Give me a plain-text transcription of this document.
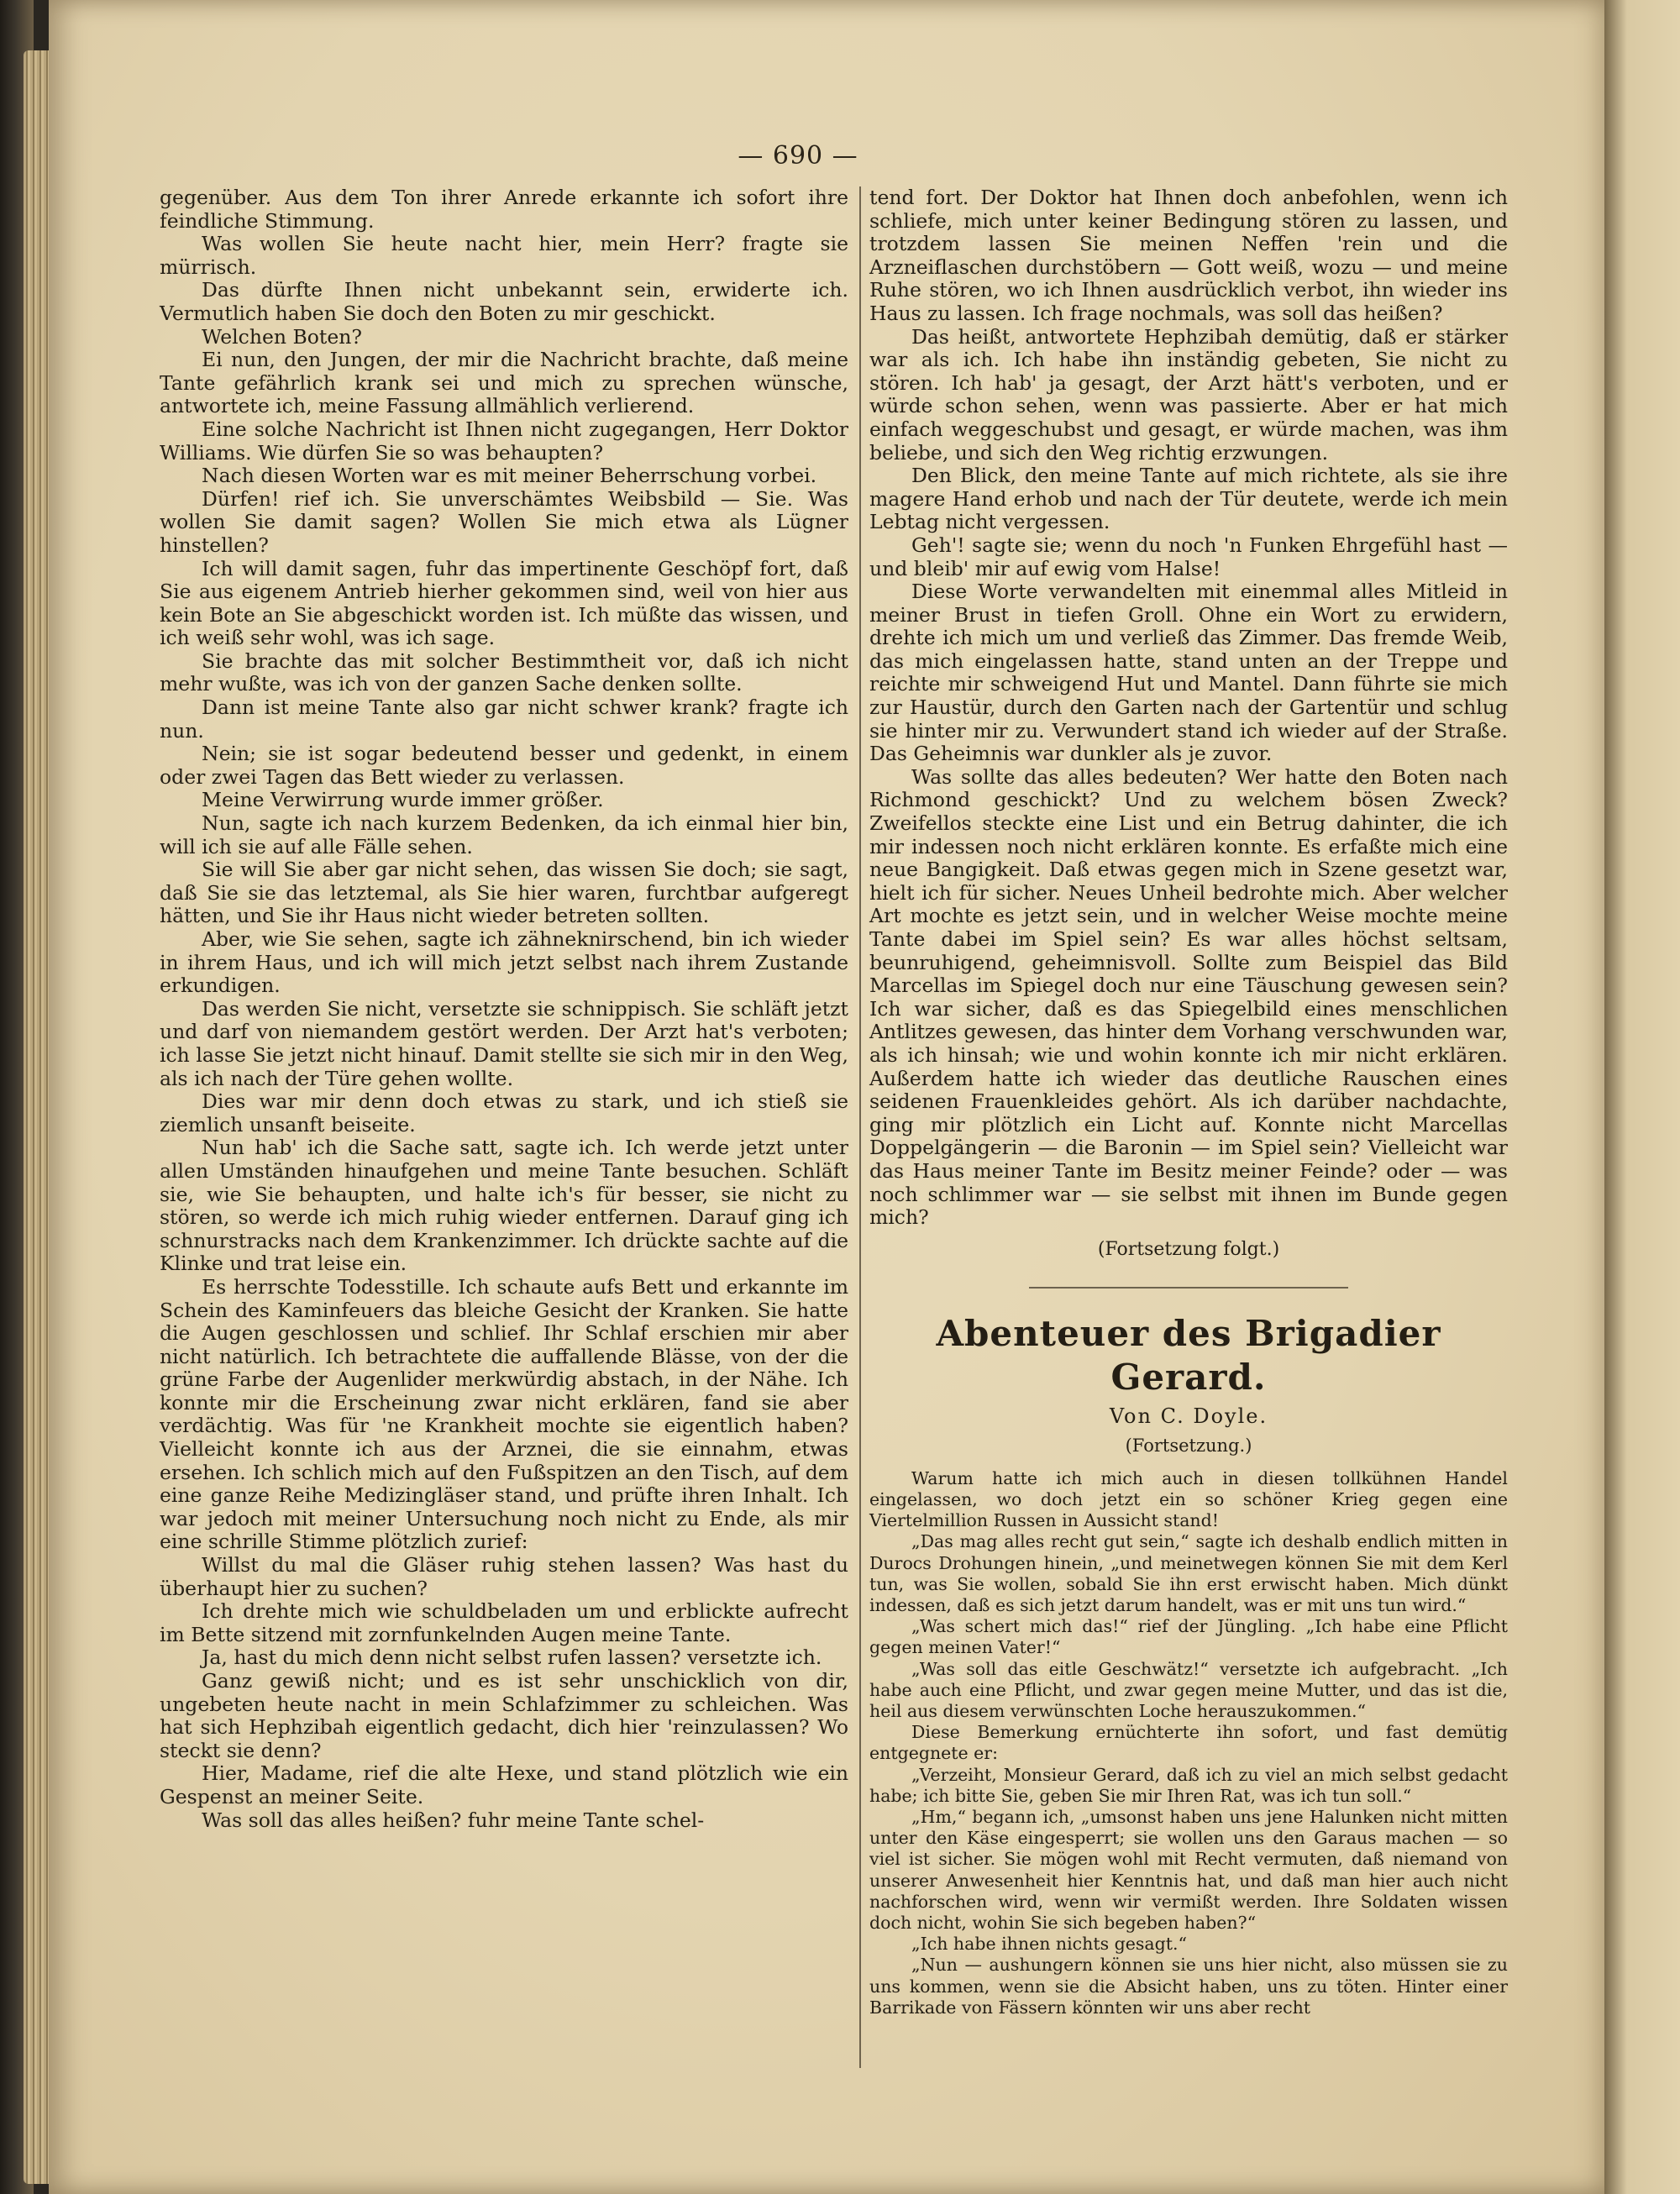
— 690 —

gegenüber. Aus dem Ton ihrer Anrede erkannte ich sofort ihre feindliche Stimmung.

Was wollen Sie heute nacht hier, mein Herr? fragte sie mürrisch.

Das dürfte Ihnen nicht unbekannt sein, erwiderte ich. Vermutlich haben Sie doch den Boten zu mir geschickt.

Welchen Boten?

Ei nun, den Jungen, der mir die Nachricht brachte, daß meine Tante gefährlich krank sei und mich zu sprechen wünsche, antwortete ich, meine Fassung allmählich verlierend.

Eine solche Nachricht ist Ihnen nicht zugegangen, Herr Doktor Williams. Wie dürfen Sie so was behaupten?

Nach diesen Worten war es mit meiner Beherrschung vorbei.

Dürfen! rief ich. Sie unverschämtes Weibsbild — Sie. Was wollen Sie damit sagen? Wollen Sie mich etwa als Lügner hinstellen?

Ich will damit sagen, fuhr das impertinente Geschöpf fort, daß Sie aus eigenem Antrieb hierher gekommen sind, weil von hier aus kein Bote an Sie abgeschickt worden ist. Ich müßte das wissen, und ich weiß sehr wohl, was ich sage.

Sie brachte das mit solcher Bestimmtheit vor, daß ich nicht mehr wußte, was ich von der ganzen Sache denken sollte.

Dann ist meine Tante also gar nicht schwer krank? fragte ich nun.

Nein; sie ist sogar bedeutend besser und gedenkt, in einem oder zwei Tagen das Bett wieder zu verlassen.

Meine Verwirrung wurde immer größer.

Nun, sagte ich nach kurzem Bedenken, da ich einmal hier bin, will ich sie auf alle Fälle sehen.

Sie will Sie aber gar nicht sehen, das wissen Sie doch; sie sagt, daß Sie sie das letztemal, als Sie hier waren, furchtbar aufgeregt hätten, und Sie ihr Haus nicht wieder betreten sollten.

Aber, wie Sie sehen, sagte ich zähneknirschend, bin ich wieder in ihrem Haus, und ich will mich jetzt selbst nach ihrem Zustande erkundigen.

Das werden Sie nicht, versetzte sie schnippisch. Sie schläft jetzt und darf von niemandem gestört werden. Der Arzt hat's verboten; ich lasse Sie jetzt nicht hinauf. Damit stellte sie sich mir in den Weg, als ich nach der Türe gehen wollte.

Dies war mir denn doch etwas zu stark, und ich stieß sie ziemlich unsanft beiseite.

Nun hab' ich die Sache satt, sagte ich. Ich werde jetzt unter allen Umständen hinaufgehen und meine Tante besuchen. Schläft sie, wie Sie behaupten, und halte ich's für besser, sie nicht zu stören, so werde ich mich ruhig wieder entfernen. Darauf ging ich schnurstracks nach dem Krankenzimmer. Ich drückte sachte auf die Klinke und trat leise ein.

Es herrschte Todesstille. Ich schaute aufs Bett und erkannte im Schein des Kaminfeuers das bleiche Gesicht der Kranken. Sie hatte die Augen geschlossen und schlief. Ihr Schlaf erschien mir aber nicht natürlich. Ich betrachtete die auffallende Blässe, von der die grüne Farbe der Augenlider merkwürdig abstach, in der Nähe. Ich konnte mir die Erscheinung zwar nicht erklären, fand sie aber verdächtig. Was für 'ne Krankheit mochte sie eigentlich haben? Vielleicht konnte ich aus der Arznei, die sie einnahm, etwas ersehen. Ich schlich mich auf den Fußspitzen an den Tisch, auf dem eine ganze Reihe Medizingläser stand, und prüfte ihren Inhalt. Ich war jedoch mit meiner Untersuchung noch nicht zu Ende, als mir eine schrille Stimme plötzlich zurief:

Willst du mal die Gläser ruhig stehen lassen? Was hast du überhaupt hier zu suchen?

Ich drehte mich wie schuldbeladen um und erblickte aufrecht im Bette sitzend mit zornfunkelnden Augen meine Tante.

Ja, hast du mich denn nicht selbst rufen lassen? versetzte ich.

Ganz gewiß nicht; und es ist sehr unschicklich von dir, ungebeten heute nacht in mein Schlafzimmer zu schleichen. Was hat sich Hephzibah eigentlich gedacht, dich hier 'reinzulassen? Wo steckt sie denn?

Hier, Madame, rief die alte Hexe, und stand plötzlich wie ein Gespenst an meiner Seite.

Was soll das alles heißen? fuhr meine Tante schel-

tend fort. Der Doktor hat Ihnen doch anbefohlen, wenn ich schliefe, mich unter keiner Bedingung stören zu lassen, und trotzdem lassen Sie meinen Neffen 'rein und die Arzneiflaschen durchstöbern — Gott weiß, wozu — und meine Ruhe stören, wo ich Ihnen ausdrücklich verbot, ihn wieder ins Haus zu lassen. Ich frage nochmals, was soll das heißen?

Das heißt, antwortete Hephzibah demütig, daß er stärker war als ich. Ich habe ihn inständig gebeten, Sie nicht zu stören. Ich hab' ja gesagt, der Arzt hätt's verboten, und er würde schon sehen, wenn was passierte. Aber er hat mich einfach weggeschubst und gesagt, er würde machen, was ihm beliebe, und sich den Weg richtig erzwungen.

Den Blick, den meine Tante auf mich richtete, als sie ihre magere Hand erhob und nach der Tür deutete, werde ich mein Lebtag nicht vergessen.

Geh'! sagte sie; wenn du noch 'n Funken Ehrgefühl hast — und bleib' mir auf ewig vom Halse!

Diese Worte verwandelten mit einemmal alles Mitleid in meiner Brust in tiefen Groll. Ohne ein Wort zu erwidern, drehte ich mich um und verließ das Zimmer. Das fremde Weib, das mich eingelassen hatte, stand unten an der Treppe und reichte mir schweigend Hut und Mantel. Dann führte sie mich zur Haustür, durch den Garten nach der Gartentür und schlug sie hinter mir zu. Verwundert stand ich wieder auf der Straße. Das Geheimnis war dunkler als je zuvor.

Was sollte das alles bedeuten? Wer hatte den Boten nach Richmond geschickt? Und zu welchem bösen Zweck? Zweifellos steckte eine List und ein Betrug dahinter, die ich mir indessen noch nicht erklären konnte. Es erfaßte mich eine neue Bangigkeit. Daß etwas gegen mich in Szene gesetzt war, hielt ich für sicher. Neues Unheil bedrohte mich. Aber welcher Art mochte es jetzt sein, und in welcher Weise mochte meine Tante dabei im Spiel sein? Es war alles höchst seltsam, beunruhigend, geheimnisvoll. Sollte zum Beispiel das Bild Marcellas im Spiegel doch nur eine Täuschung gewesen sein? Ich war sicher, daß es das Spiegelbild eines menschlichen Antlitzes gewesen, das hinter dem Vorhang verschwunden war, als ich hinsah; wie und wohin konnte ich mir nicht erklären. Außerdem hatte ich wieder das deutliche Rauschen eines seidenen Frauenkleides gehört. Als ich darüber nachdachte, ging mir plötzlich ein Licht auf. Konnte nicht Marcellas Doppelgängerin — die Baronin — im Spiel sein? Vielleicht war das Haus meiner Tante im Besitz meiner Feinde? oder — was noch schlimmer war — sie selbst mit ihnen im Bunde gegen mich?

(Fortsetzung folgt.)

Abenteuer des Brigadier Gerard.

Von C. Doyle.

(Fortsetzung.)

Warum hatte ich mich auch in diesen tollkühnen Handel eingelassen, wo doch jetzt ein so schöner Krieg gegen eine Viertelmillion Russen in Aussicht stand!

„Das mag alles recht gut sein,“ sagte ich deshalb endlich mitten in Durocs Drohungen hinein, „und meinetwegen können Sie mit dem Kerl tun, was Sie wollen, sobald Sie ihn erst erwischt haben. Mich dünkt indessen, daß es sich jetzt darum handelt, was er mit uns tun wird.“

„Was schert mich das!“ rief der Jüngling. „Ich habe eine Pflicht gegen meinen Vater!“

„Was soll das eitle Geschwätz!“ versetzte ich aufgebracht. „Ich habe auch eine Pflicht, und zwar gegen meine Mutter, und das ist die, heil aus diesem verwünschten Loche herauszukommen.“

Diese Bemerkung ernüchterte ihn sofort, und fast demütig entgegnete er:

„Verzeiht, Monsieur Gerard, daß ich zu viel an mich selbst gedacht habe; ich bitte Sie, geben Sie mir Ihren Rat, was ich tun soll.“

„Hm,“ begann ich, „umsonst haben uns jene Halunken nicht mitten unter den Käse eingesperrt; sie wollen uns den Garaus machen — so viel ist sicher. Sie mögen wohl mit Recht vermuten, daß niemand von unserer Anwesenheit hier Kenntnis hat, und daß man hier auch nicht nachforschen wird, wenn wir vermißt werden. Ihre Soldaten wissen doch nicht, wohin Sie sich begeben haben?“

„Ich habe ihnen nichts gesagt.“

„Nun — aushungern können sie uns hier nicht, also müssen sie zu uns kommen, wenn sie die Absicht haben, uns zu töten. Hinter einer Barrikade von Fässern könnten wir uns aber recht
